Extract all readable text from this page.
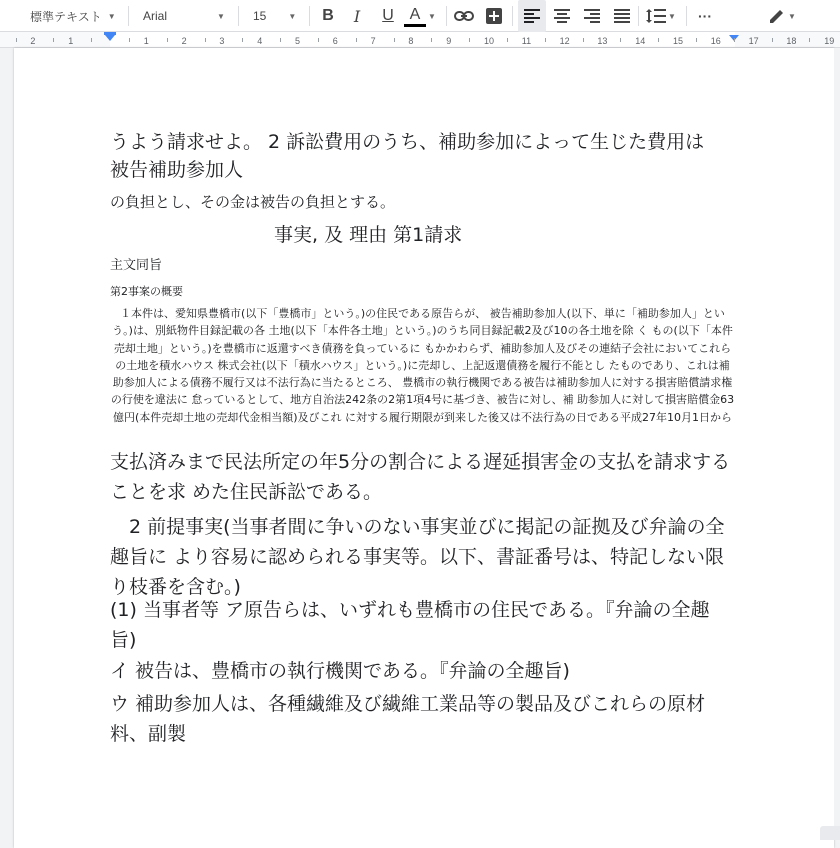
標準テキスト ▼ Arial	▼ 15	▼ B I U A ▼	▼ ···	▼
2	1	1	2	3	4	5	6	7	8	9	10	11	12	13	14	15	16	17	18	19
うよう請求せよ。 2 訴訟費用のうち、補助参加によって生じた費用は
被告補助参加人
の負担とし、その金は被告の負担とする。
事実, 及 理由 第1請求
主文同旨
第2事案の概要
１本件は、愛知県豊橋市(以下「豊橋市」という。)の住民である原告らが、 被告補助参加人(以下、単に「補助参加人」という。)は、別紙物件目録記載の各 土地(以下「本件各土地」という。)のうち同目録記載2及び10の各土地を除 く もの(以下「本件売却土地」という。)を豊橋市に返還すべき債務を負っているに もかかわらず、補助参加人及びその連結子会社においてこれらの土地を積水ハウス 株式会社(以下「積水ハウス」という。)に売却し、上記返還債務を履行不能とし たものであり、これは補助参加人による債務不履行又は不法行為に当たるところ、 豊橋市の執行機関である被告は補助参加人に対する損害賠償請求権の行使を違法に 怠っているとして、地方自治法242条の2第1項4号に基づき、被告に対し、補 助参加人に対して損害賠償金63億円(本件売却土地の売却代金相当額)及びこれ に対する履行期限が到来した後又は不法行為の日である平成27年10月1日から
支払済みまで民法所定の年5分の割合による遅延損害金の支払を請求することを求 めた住民訴訟である。
　2 前提事実(当事者間に争いのない事実並びに掲記の証拠及び弁論の全趣旨に より容易に認められる事実等。以下、書証番号は、特記しない限り枝番を含む。)
(1) 当事者等 ア原告らは、いずれも豊橋市の住民である。『弁論の全趣旨)
イ 被告は、豊橋市の執行機関である。『弁論の全趣旨)
ウ 補助参加人は、各種繊維及び繊維工業品等の製品及びこれらの原材料、副製
